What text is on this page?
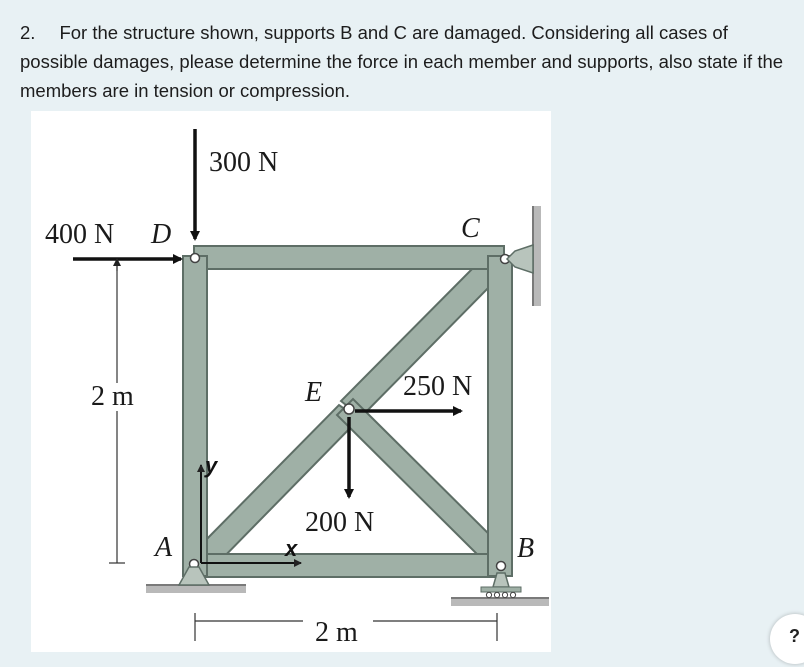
2. For the structure shown, supports B and C are damaged. Considering all cases of possible damages, please determine the force in each member and supports, also state if the members are in tension or compression.
300 N
400 N D	C
E	250 N
200 N
2 m
2 m
A	B
y
x
?
